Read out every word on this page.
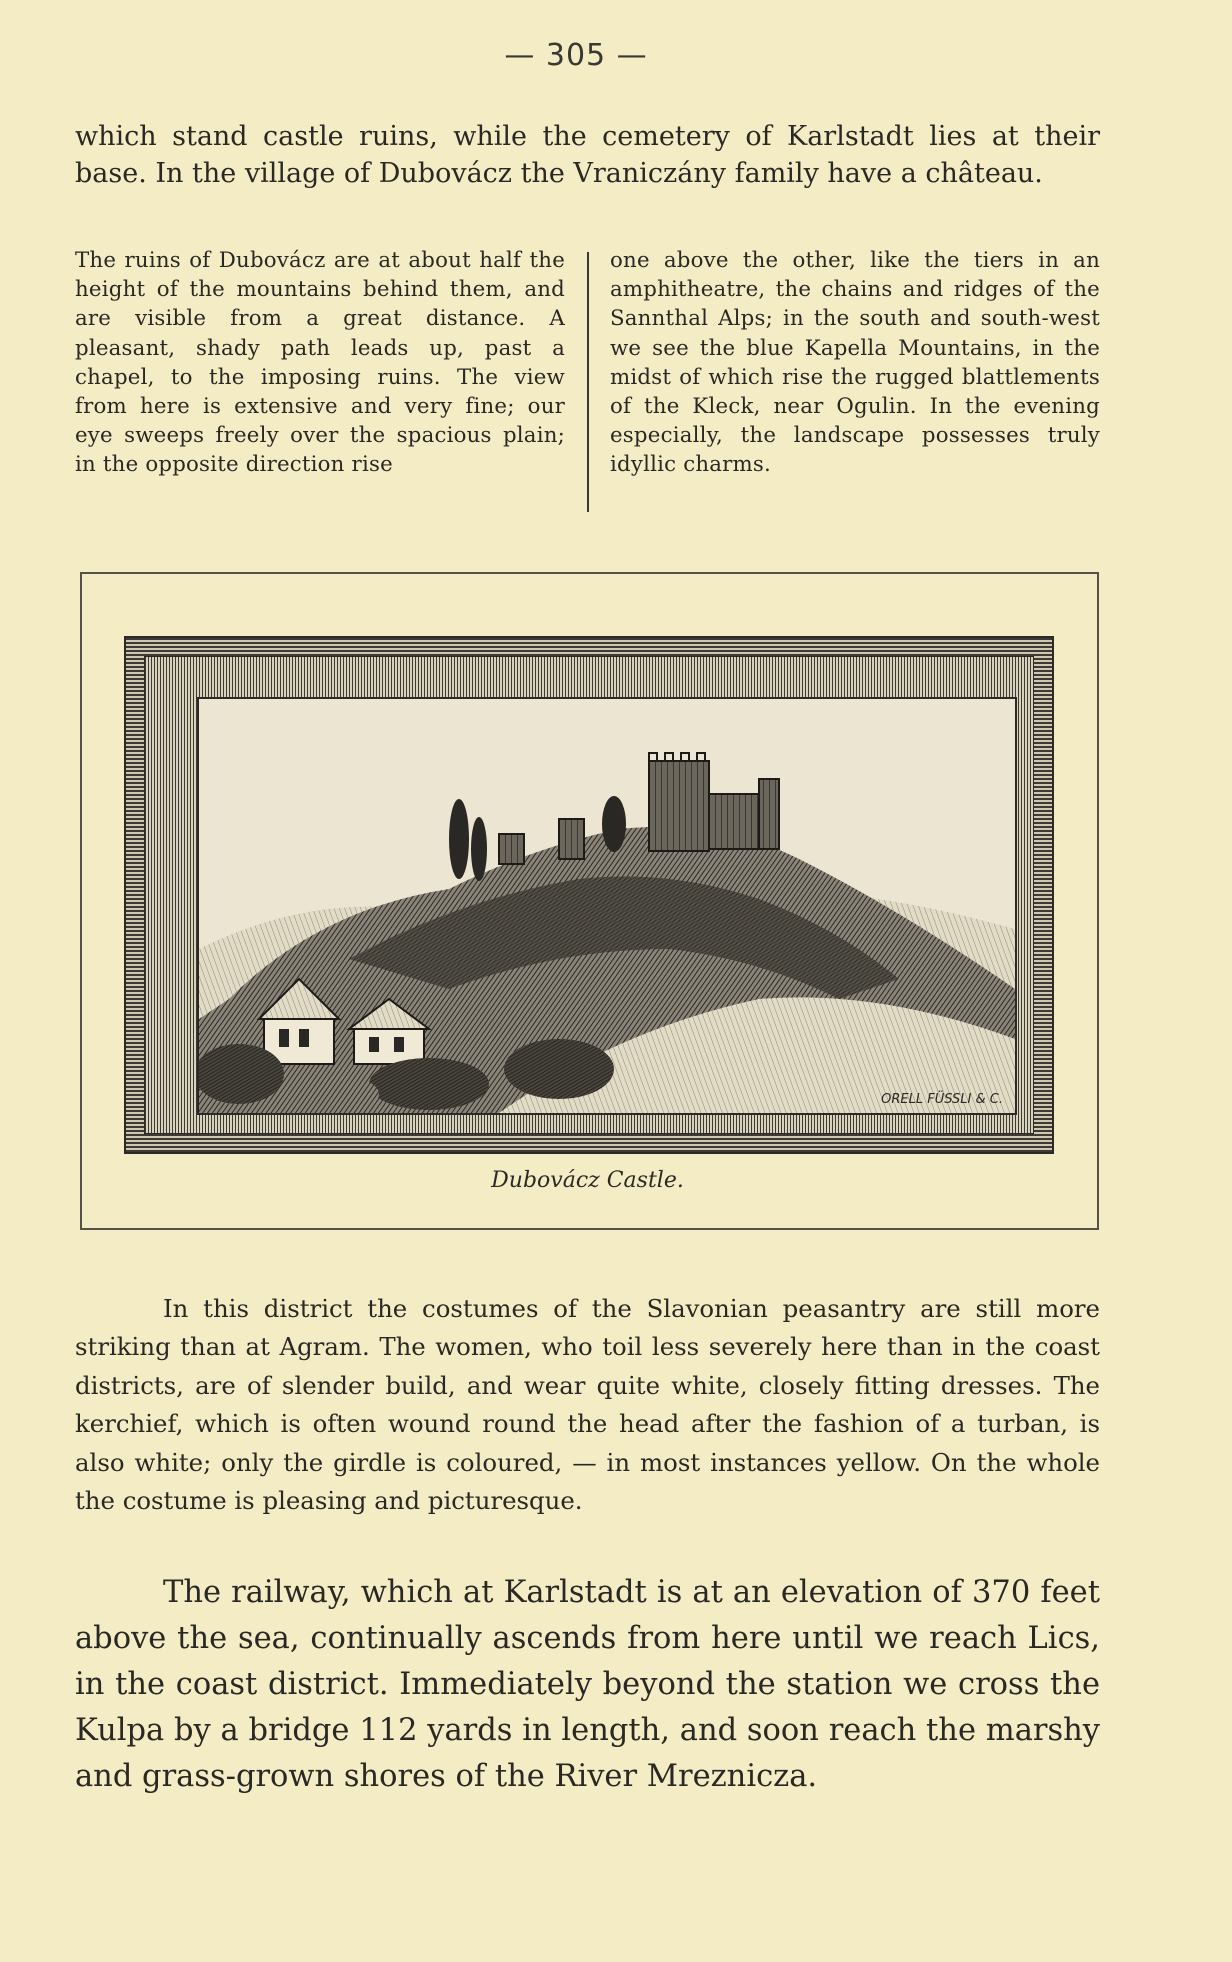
— 305 —
which stand castle ruins, while the cemetery of Karlstadt lies at their base. In the village of Dubovácz the Vraniczány family have a château.
The ruins of Dubovácz are at about half the height of the mountains behind them, and are visible from a great distance. A pleasant, shady path leads up, past a chapel, to the imposing ruins. The view from here is extensive and very fine; our eye sweeps freely over the spacious plain; in the opposite direction rise
one above the other, like the tiers in an amphitheatre, the chains and ridges of the Sannthal Alps; in the south and south-west we see the blue Kapella Mountains, in the midst of which rise the rugged blattlements of the Kleck, near Ogulin. In the evening especially, the landscape possesses truly idyllic charms.
ORELL FÜSSLI & C.
Dubovácz Castle.
In this district the costumes of the Slavonian peasantry are still more striking than at Agram. The women, who toil less severely here than in the coast districts, are of slender build, and wear quite white, closely fitting dresses. The kerchief, which is often wound round the head after the fashion of a turban, is also white; only the girdle is coloured, — in most instances yellow. On the whole the costume is pleasing and picturesque.
The railway, which at Karlstadt is at an elevation of 370 feet above the sea, continually ascends from here until we reach Lics, in the coast district. Immediately beyond the station we cross the Kulpa by a bridge 112 yards in length, and soon reach the marshy and grass-grown shores of the River Mreznicza.
